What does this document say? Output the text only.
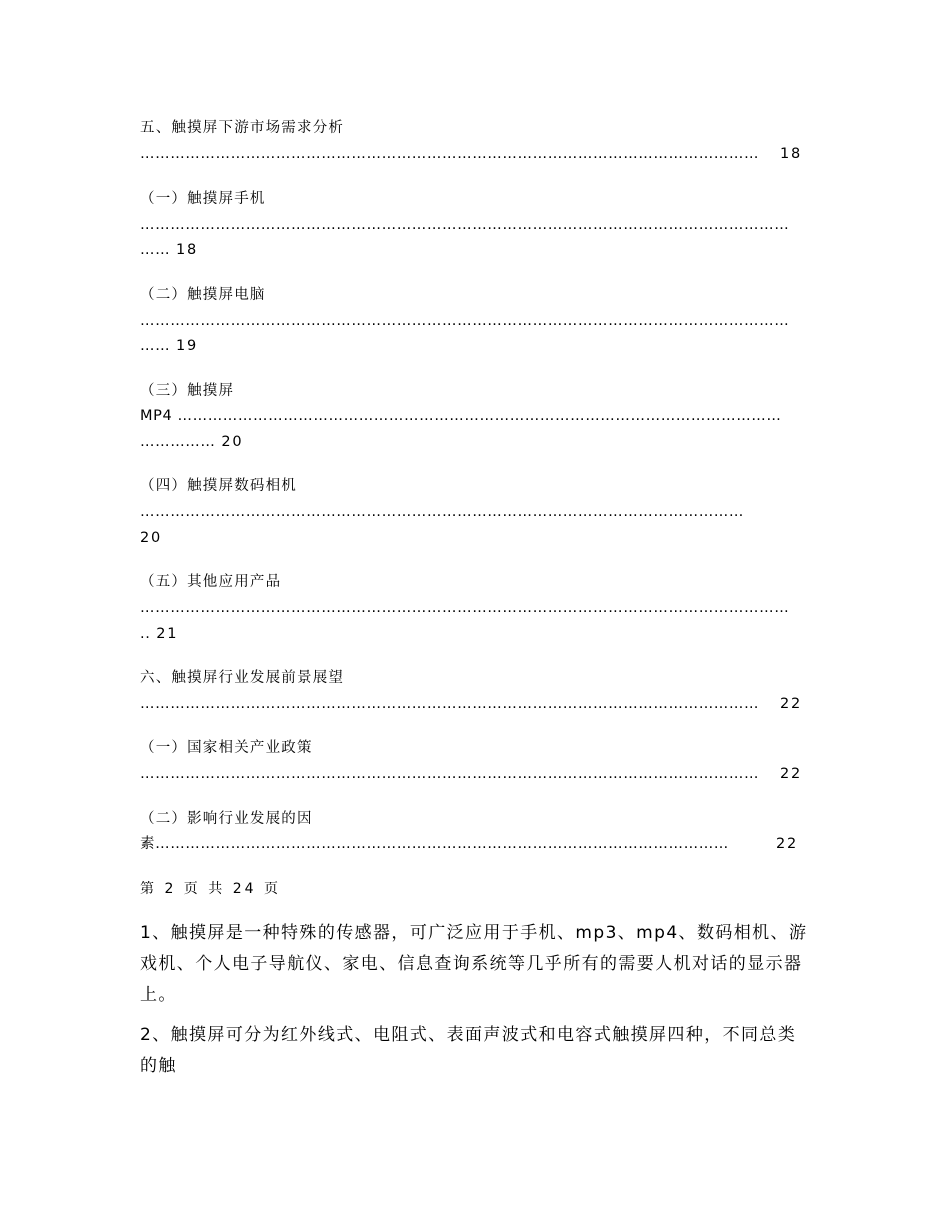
五、触摸屏下游市场需求分析
……………………………………………………………………………………………………………	18
（一）触摸屏手机
…………………………………………………………………………………………………………………
…… 18
（二）触摸屏电脑
…………………………………………………………………………………………………………………
…… 19
（三）触摸屏
MP4 …………………………………………………………………………………………………………
…………… 20
（四）触摸屏数码相机
…………………………………………………………………………………………………………
20
（五）其他应用产品
…………………………………………………………………………………………………………………
.. 21
六、触摸屏行业发展前景展望
……………………………………………………………………………………………………………	22
（一）国家相关产业政策
……………………………………………………………………………………………………………	22
（二）影响行业发展的因
素……………………………………………………………………………………………………	22
第 2 页 共 24 页
1、触摸屏是一种特殊的传感器，可广泛应用于手机、mp3、mp4、数码相机、游戏机、个人电子导航仪、家电、信息查询系统等几乎所有的需要人机对话的显示器上。
2、触摸屏可分为红外线式、电阻式、表面声波式和电容式触摸屏四种，不同总类的触
